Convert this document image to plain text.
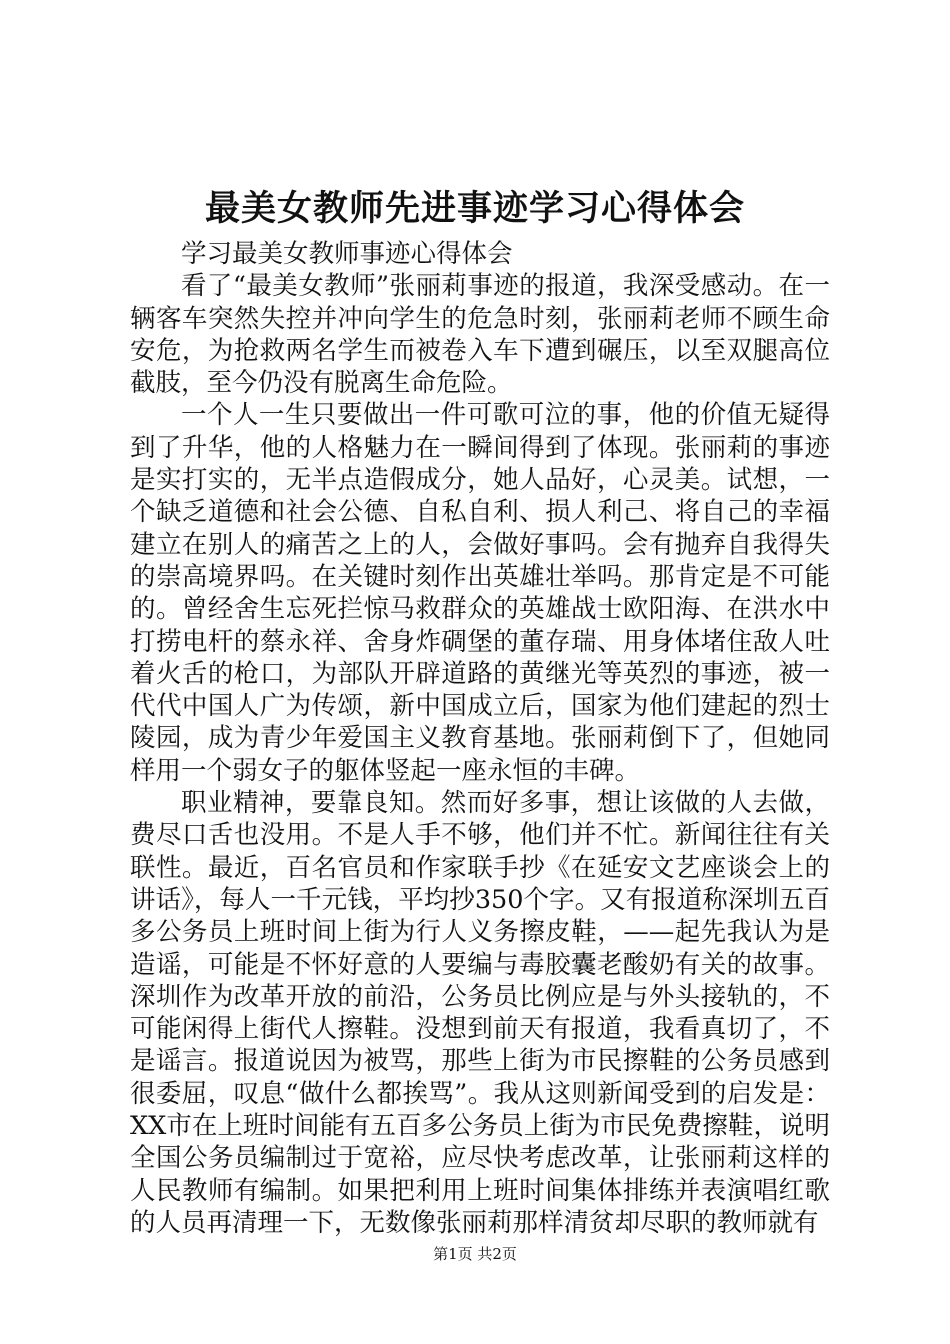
最美女教师先进事迹学习心得体会

学习最美女教师事迹心得体会

看了“最美女教师”张丽莉事迹的报道，我深受感动。在一辆客车突然失控并冲向学生的危急时刻，张丽莉老师不顾生命安危，为抢救两名学生而被卷入车下遭到碾压，以至双腿高位截肢，至今仍没有脱离生命危险。

一个人一生只要做出一件可歌可泣的事，他的价值无疑得到了升华，他的人格魅力在一瞬间得到了体现。张丽莉的事迹是实打实的，无半点造假成分，她人品好，心灵美。试想，一个缺乏道德和社会公德、自私自利、损人利己、将自己的幸福建立在别人的痛苦之上的人，会做好事吗。会有抛弃自我得失的崇高境界吗。在关键时刻作出英雄壮举吗。那肯定是不可能的。曾经舍生忘死拦惊马救群众的英雄战士欧阳海、在洪水中打捞电杆的蔡永祥、舍身炸碉堡的董存瑞、用身体堵住敌人吐着火舌的枪口，为部队开辟道路的黄继光等英烈的事迹，被一代代中国人广为传颂，新中国成立后，国家为他们建起的烈士陵园，成为青少年爱国主义教育基地。张丽莉倒下了，但她同样用一个弱女子的躯体竖起一座永恒的丰碑。

职业精神，要靠良知。然而好多事，想让该做的人去做，费尽口舌也没用。不是人手不够，他们并不忙。新闻往往有关联性。最近，百名官员和作家联手抄《在延安文艺座谈会上的讲话》，每人一千元钱，平均抄350个字。又有报道称深圳五百多公务员上班时间上街为行人义务擦皮鞋，——起先我认为是造谣，可能是不怀好意的人要编与毒胶囊老酸奶有关的故事。深圳作为改革开放的前沿，公务员比例应是与外头接轨的，不可能闲得上街代人擦鞋。没想到前天有报道，我看真切了，不是谣言。报道说因为被骂，那些上街为市民擦鞋的公务员感到很委屈，叹息“做什么都挨骂”。我从这则新闻受到的启发是：XX市在上班时间能有五百多公务员上街为市民免费擦鞋，说明全国公务员编制过于宽裕，应尽快考虑改革，让张丽莉这样的人民教师有编制。如果把利用上班时间集体排练并表演唱红歌的人员再清理一下，无数像张丽莉那样清贫却尽职的教师就有

第1页 共2页
